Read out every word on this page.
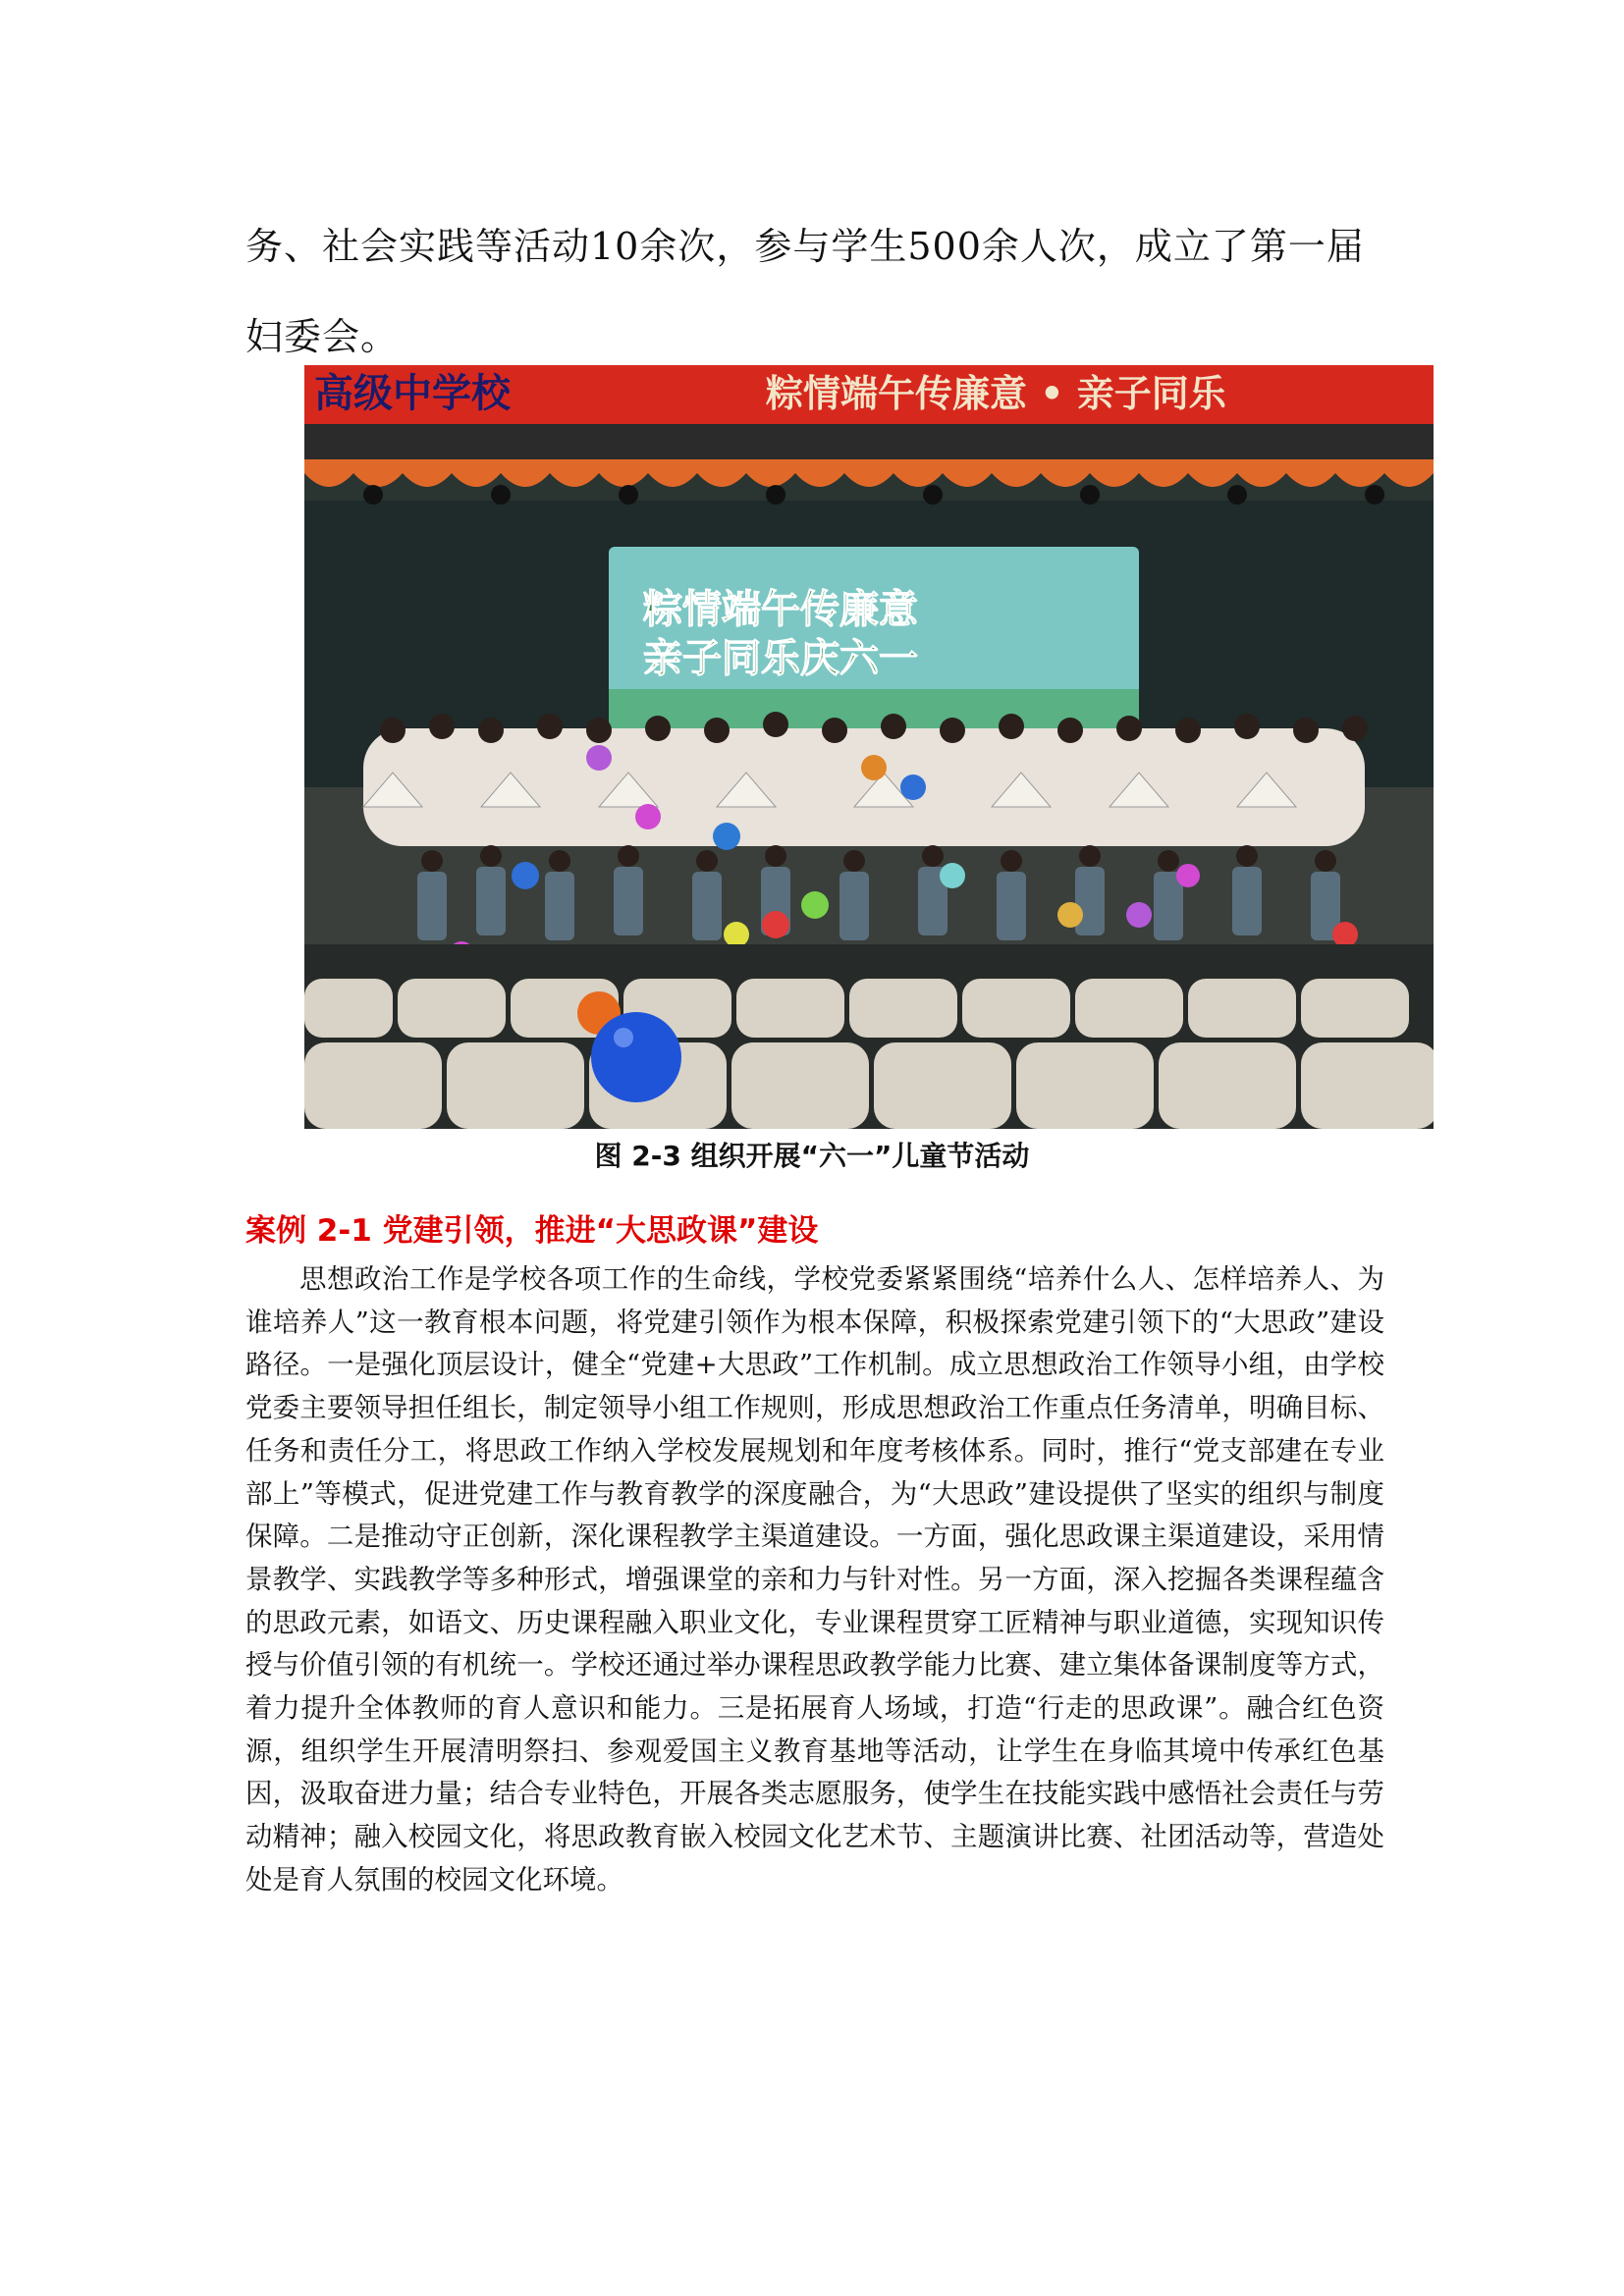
务、社会实践等活动10余次，参与学生500余人次，成立了第一届妇委会。

高级中学校	粽情端午传廉意 • 亲子同乐
粽情端午传廉意
亲子同乐庆六一

图 2-3 组织开展“六一”儿童节活动

案例 2-1 党建引领，推进“大思政课”建设

思想政治工作是学校各项工作的生命线，学校党委紧紧围绕“培养什么人、怎样培养人、为谁培养人”这一教育根本问题，将党建引领作为根本保障，积极探索党建引领下的“大思政”建设路径。一是强化顶层设计，健全“党建+大思政”工作机制。成立思想政治工作领导小组，由学校党委主要领导担任组长，制定领导小组工作规则，形成思想政治工作重点任务清单，明确目标、任务和责任分工，将思政工作纳入学校发展规划和年度考核体系。同时，推行“党支部建在专业部上”等模式，促进党建工作与教育教学的深度融合，为“大思政”建设提供了坚实的组织与制度保障。二是推动守正创新，深化课程教学主渠道建设。一方面，强化思政课主渠道建设，采用情景教学、实践教学等多种形式，增强课堂的亲和力与针对性。另一方面，深入挖掘各类课程蕴含的思政元素，如语文、历史课程融入职业文化，专业课程贯穿工匠精神与职业道德，实现知识传授与价值引领的有机统一。学校还通过举办课程思政教学能力比赛、建立集体备课制度等方式，着力提升全体教师的育人意识和能力。三是拓展育人场域，打造“行走的思政课”。融合红色资源，组织学生开展清明祭扫、参观爱国主义教育基地等活动，让学生在身临其境中传承红色基因，汲取奋进力量；结合专业特色，开展各类志愿服务，使学生在技能实践中感悟社会责任与劳动精神；融入校园文化，将思政教育嵌入校园文化艺术节、主题演讲比赛、社团活动等，营造处处是育人氛围的校园文化环境。
